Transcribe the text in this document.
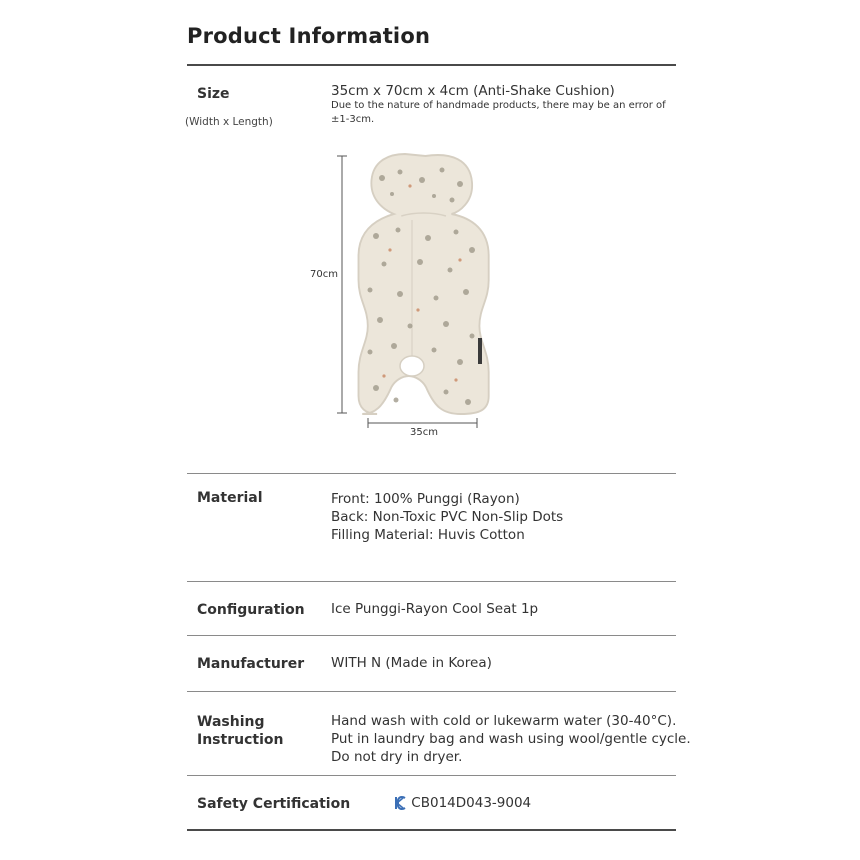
Product Information
Size
(Width x Length)
35cm x 70cm x 4cm (Anti-Shake Cushion)
Due to the nature of handmade products, there may be an error of ±1-3cm.
70cm
35cm
Material	Front: 100% Punggi (Rayon)
Back: Non-Toxic PVC Non-Slip Dots
Filling Material: Huvis Cotton
Configuration Ice Punggi-Rayon Cool Seat 1p
Manufacturer WITH N (Made in Korea)
Washing
Instruction
Hand wash with cold or lukewarm water (30-40°C).
Put in laundry bag and wash using wool/gentle cycle.
Do not dry in dryer.
Safety Certification	CB014D043-9004
